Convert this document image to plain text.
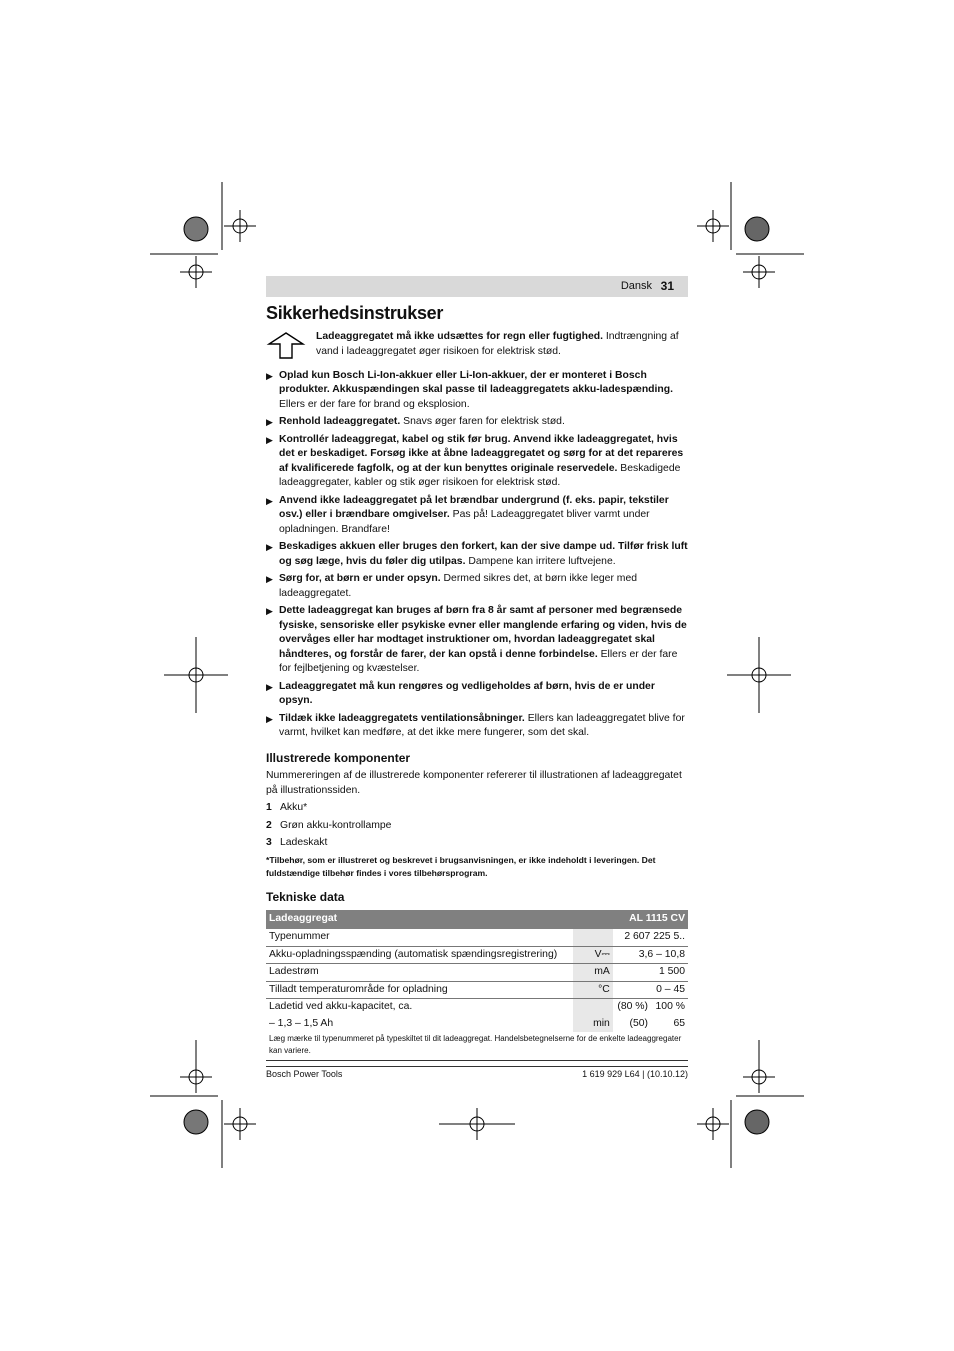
Dansk 31
Sikkerhedsinstrukser
Ladeaggregatet må ikke udsættes for regn eller fugtighed. Indtrængning af vand i ladeaggregatet øger risikoen for elektrisk stød.
▶ Oplad kun Bosch Li-Ion-akkuer eller Li-Ion-akkuer, der er monteret i Bosch produkter. Akkuspændingen skal passe til ladeaggregatets akku-ladespænding. Ellers er der fare for brand og eksplosion.
▶ Renhold ladeaggregatet. Snavs øger faren for elektrisk stød.
▶ Kontrollér ladeaggregat, kabel og stik før brug. Anvend ikke ladeaggregatet, hvis det er beskadiget. Forsøg ikke at åbne ladeaggregatet og sørg for at det repareres af kvalificerede fagfolk, og at der kun benyttes originale reservedele. Beskadigede ladeaggregater, kabler og stik øger risikoen for elektrisk stød.
▶ Anvend ikke ladeaggregatet på let brændbar undergrund (f. eks. papir, tekstiler osv.) eller i brændbare omgivelser. Pas på! Ladeaggregatet bliver varmt under opladningen. Brandfare!
▶ Beskadiges akkuen eller bruges den forkert, kan der sive dampe ud. Tilfør frisk luft og søg læge, hvis du føler dig utilpas. Dampene kan irritere luftvejene.
▶ Sørg for, at børn er under opsyn. Dermed sikres det, at børn ikke leger med ladeaggregatet.
▶ Dette ladeaggregat kan bruges af børn fra 8 år samt af personer med begrænsede fysiske, sensoriske eller psykiske evner eller manglende erfaring og viden, hvis de overvåges eller har modtaget instruktioner om, hvordan ladeaggregatet skal håndteres, og forstår de farer, der kan opstå i denne forbindelse. Ellers er der fare for fejlbetjening og kvæstelser.
▶ Ladeaggregatet må kun rengøres og vedligeholdes af børn, hvis de er under opsyn.
▶ Tildæk ikke ladeaggregatets ventilationsåbninger. Ellers kan ladeaggregatet blive for varmt, hvilket kan medføre, at det ikke mere fungerer, som det skal.
Illustrerede komponenter
Nummereringen af de illustrerede komponenter refererer til illustrationen af ladeaggregatet på illustrationssiden.
1 Akku*
2 Grøn akku-kontrollampe
3 Ladeskakt
*Tilbehør, som er illustreret og beskrevet i brugsanvisningen, er ikke indeholdt i leveringen. Det fuldstændige tilbehør findes i vores tilbehørsprogram.
Tekniske data
Ladeaggregat		AL 1115 CV	
Typenummer		2 607 225 5..	
Akku-opladningsspænding (automatisk spændingsregistrering)	V⎓	3,6 – 10,8	
Ladestrøm	mA	1 500	
Tilladt temperaturområde for opladning	°C	0 – 45	
Ladetid ved akku-kapacitet, ca.		(80 %)	100 %
– 1,3 – 1,5 Ah	min	(50)	65
Læg mærke til typenummeret på typeskiltet til dit ladeaggregat. Handelsbetegnelserne for de enkelte ladeaggregater kan variere.
Bosch Power Tools	1 619 929 L64 | (10.10.12)
